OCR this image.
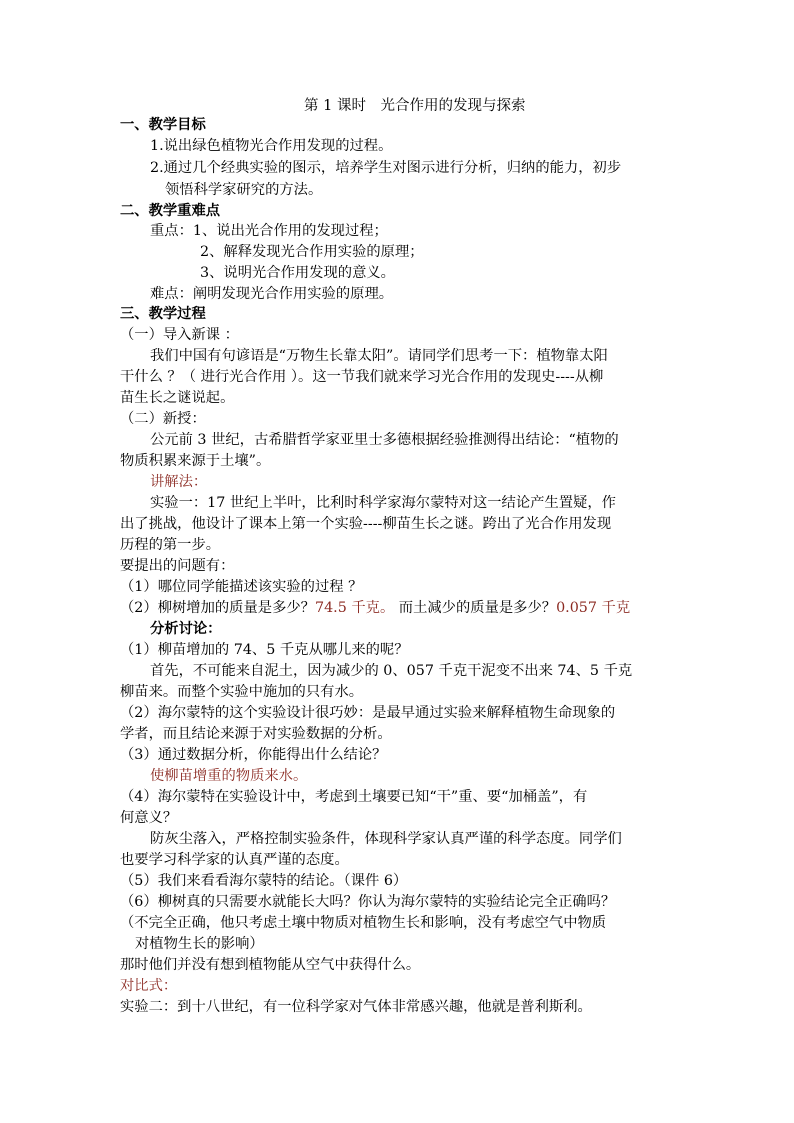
第 1 课时　光合作用的发现与探索
一、教学目标
1.说出绿色植物光合作用发现的过程。
2.通过几个经典实验的图示，培养学生对图示进行分析，归纳的能力，初步
领悟科学家研究的方法。
二、教学重难点
重点：1、说出光合作用的发现过程；
2、解释发现光合作用实验的原理；
3、说明光合作用发现的意义。
难点：阐明发现光合作用实验的原理。
三、教学过程
（一）导入新课 ：
我们中国有句谚语是“万物生长靠太阳”。请同学们思考一下：植物靠太阳
干什么 ？（ 进行光合作用 ）。这一节我们就来学习光合作用的发现史----从柳
苗生长之谜说起。
（二）新授：
公元前 3 世纪，古希腊哲学家亚里士多德根据经验推测得出结论：“植物的
物质积累来源于土壤”。
讲解法：
实验一：17 世纪上半叶，比利时科学家海尔蒙特对这一结论产生置疑，作
出了挑战，他设计了课本上第一个实验----柳苗生长之谜。跨出了光合作用发现
历程的第一步。
要提出的问题有：
（1）哪位同学能描述该实验的过程 ？
（2）柳树增加的质量是多少？74.5 千克。 而土减少的质量是多少？0.057 千克
分析讨论：
（1）柳苗增加的 74、5 千克从哪儿来的呢？
首先，不可能来自泥土，因为减少的 0、057 千克干泥变不出来 74、5 千克
柳苗来。而整个实验中施加的只有水。
（2）海尔蒙特的这个实验设计很巧妙：是最早通过实验来解释植物生命现象的
学者，而且结论来源于对实验数据的分析。
（3）通过数据分析，你能得出什么结论？
使柳苗增重的物质来水。
（4）海尔蒙特在实验设计中，考虑到土壤要已知“干”重、要“加桶盖”，有
何意义？
防灰尘落入，严格控制实验条件，体现科学家认真严谨的科学态度。同学们
也要学习科学家的认真严谨的态度。
（5）我们来看看海尔蒙特的结论。（课件 6）
（6）柳树真的只需要水就能长大吗？你认为海尔蒙特的实验结论完全正确吗？
（不完全正确，他只考虑土壤中物质对植物生长和影响，没有考虑空气中物质
对植物生长的影响）
那时他们并没有想到植物能从空气中获得什么。
对比式：
实验二：到十八世纪，有一位科学家对气体非常感兴趣，他就是普利斯利。
